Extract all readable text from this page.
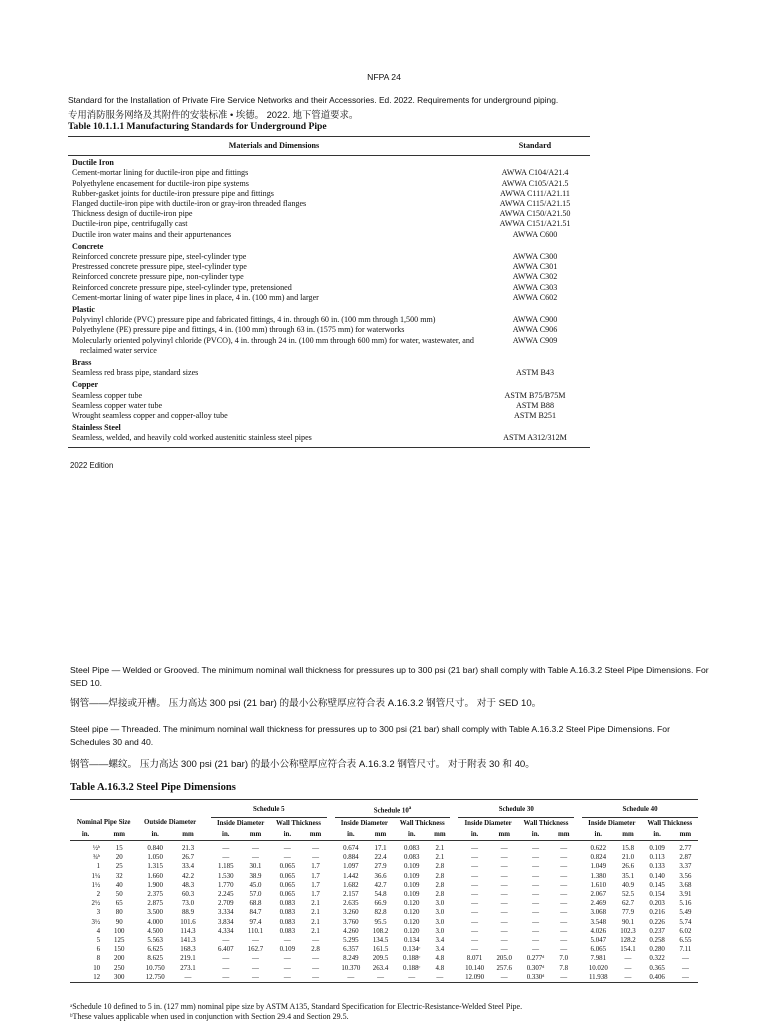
NFPA 24
Standard for the Installation of Private Fire Service Networks and their Accessories. Ed. 2022. Requirements for underground piping.
专用消防服务网络及其附件的安装标准 • 埃德。 2022. 地下管道要求。
Table 10.1.1.1 Manufacturing Standards for Underground Pipe
Materials and Dimensions	Standard
Ductile Iron	
Cement-mortar lining for ductile-iron pipe and fittings	AWWA C104/A21.4
Polyethylene encasement for ductile-iron pipe systems	AWWA C105/A21.5
Rubber-gasket joints for ductile-iron pressure pipe and fittings	AWWA C111/A21.11
Flanged ductile-iron pipe with ductile-iron or gray-iron threaded flanges	AWWA C115/A21.15
Thickness design of ductile-iron pipe	AWWA C150/A21.50
Ductile-iron pipe, centrifugally cast	AWWA C151/A21.51
Ductile iron water mains and their appurtenances	AWWA C600
Concrete	
Reinforced concrete pressure pipe, steel-cylinder type	AWWA C300
Prestressed concrete pressure pipe, steel-cylinder type	AWWA C301
Reinforced concrete pressure pipe, non-cylinder type	AWWA C302
Reinforced concrete pressure pipe, steel-cylinder type, pretensioned	AWWA C303
Cement-mortar lining of water pipe lines in place, 4 in. (100 mm) and larger	AWWA C602
Plastic	
Polyvinyl chloride (PVC) pressure pipe and fabricated fittings, 4 in. through 60 in. (100 mm through 1,500 mm)	AWWA C900
Polyethylene (PE) pressure pipe and fittings, 4 in. (100 mm) through 63 in. (1575 mm) for waterworks	AWWA C906
Molecularly oriented polyvinyl chloride (PVCO), 4 in. through 24 in. (100 mm through 600 mm) for water, wastewater, and reclaimed water service	AWWA C909
Brass	
Seamless red brass pipe, standard sizes	ASTM B43
Copper	
Seamless copper tube	ASTM B75/B75M
Seamless copper water tube	ASTM B88
Wrought seamless copper and copper-alloy tube	ASTM B251
Stainless Steel	
Seamless, welded, and heavily cold worked austenitic stainless steel pipes	ASTM A312/312M
2022 Edition
Steel Pipe — Welded or Grooved. The minimum nominal wall thickness for pressures up to 300 psi (21 bar) shall comply with Table A.16.3.2 Steel Pipe Dimensions. For SED 10.
钢管——焊接或开槽。 压力高达 300 psi (21 bar) 的最小公称壁厚应符合表 A.16.3.2 钢管尺寸。 对于 SED 10。
Steel pipe — Threaded. The minimum nominal wall thickness for pressures up to 300 psi (21 bar) shall comply with Table A.16.3.2 Steel Pipe Dimensions. For Schedules 30 and 40.
钢管——螺纹。 压力高达 300 psi (21 bar) 的最小公称壁厚应符合表 A.16.3.2 钢管尺寸。 对于附表 30 和 40。
Table A.16.3.2 Steel Pipe Dimensions
					Schedule 5					Schedule 10$^a$					Schedule 30					Schedule 40			
Nominal Pipe Size		Outside Diameter			Inside Diameter		Wall Thickness			Inside Diameter		Wall Thickness			Inside Diameter		Wall Thickness			Inside Diameter		Wall Thickness	
in.	mm	in.	mm		in.	mm	in.	mm		in.	mm	in.	mm		in.	mm	in.	mm		in.	mm	in.	mm
½ᵇ	15	0.840	21.3		—	—	—	—		0.674	17.1	0.083	2.1		—	—	—	—		0.622	15.8	0.109	2.77
¾ᵇ	20	1.050	26.7		—	—	—	—		0.884	22.4	0.083	2.1		—	—	—	—		0.824	21.0	0.113	2.87
1	25	1.315	33.4		1.185	30.1	0.065	1.7		1.097	27.9	0.109	2.8		—	—	—	—		1.049	26.6	0.133	3.37
1¼	32	1.660	42.2		1.530	38.9	0.065	1.7		1.442	36.6	0.109	2.8		—	—	—	—		1.380	35.1	0.140	3.56
1½	40	1.900	48.3		1.770	45.0	0.065	1.7		1.682	42.7	0.109	2.8		—	—	—	—		1.610	40.9	0.145	3.68
2	50	2.375	60.3		2.245	57.0	0.065	1.7		2.157	54.8	0.109	2.8		—	—	—	—		2.067	52.5	0.154	3.91
2½	65	2.875	73.0		2.709	68.8	0.083	2.1		2.635	66.9	0.120	3.0		—	—	—	—		2.469	62.7	0.203	5.16
3	80	3.500	88.9		3.334	84.7	0.083	2.1		3.260	82.8	0.120	3.0		—	—	—	—		3.068	77.9	0.216	5.49
3½	90	4.000	101.6		3.834	97.4	0.083	2.1		3.760	95.5	0.120	3.0		—	—	—	—		3.548	90.1	0.226	5.74
4	100	4.500	114.3		4.334	110.1	0.083	2.1		4.260	108.2	0.120	3.0		—	—	—	—		4.026	102.3	0.237	6.02
5	125	5.563	141.3		—	—	—	—		5.295	134.5	0.134	3.4		—	—	—	—		5.047	128.2	0.258	6.55
6	150	6.625	168.3		6.407	162.7	0.109	2.8		6.357	161.5	0.134ᶜ	3.4		—	—	—	—		6.065	154.1	0.280	7.11
8	200	8.625	219.1		—	—	—	—		8.249	209.5	0.188ᶜ	4.8		8.071	205.0	0.277ᵈ	7.0		7.981	—	0.322	—
10	250	10.750	273.1		—	—	—	—		10.370	263.4	0.188ᶜ	4.8		10.140	257.6	0.307ᵈ	7.8		10.020	—	0.365	—
12	300	12.750	—		—	—	—	—		—	—	—	—		12.090	—	0.330ᵈ	—		11.938	—	0.406	—
ᵃSchedule 10 defined to 5 in. (127 mm) nominal pipe size by ASTM A135, Standard Specification for Electric-Resistance-Welded Steel Pipe.
ᵇThese values applicable when used in conjunction with Section 29.4 and Section 29.5.
